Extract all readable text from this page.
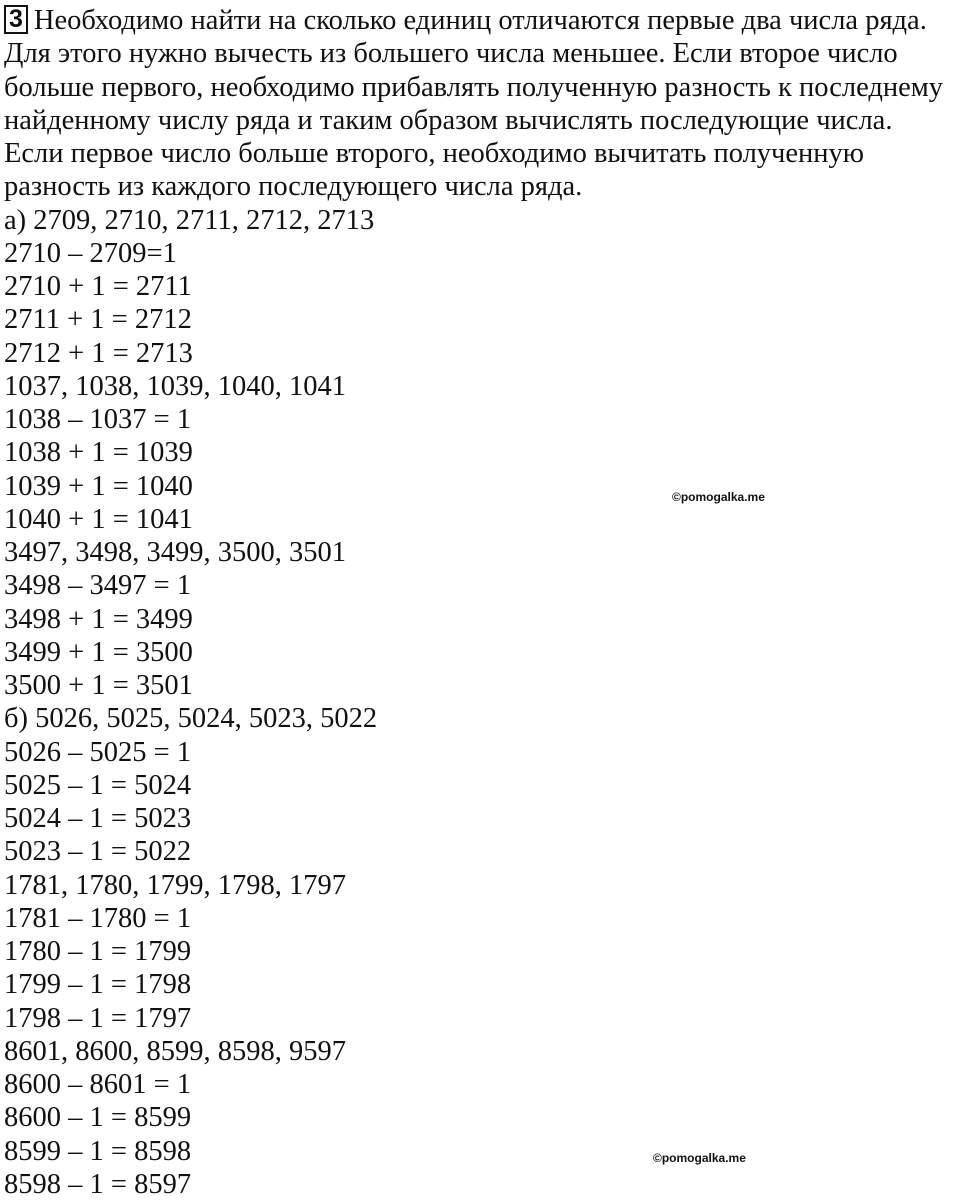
3 Необходимо найти на сколько единиц отличаются первые два числа ряда.
Для этого нужно вычесть из большего числа меньшее. Если второе число
больше первого, необходимо прибавлять полученную разность к последнему
найденному числу ряда и таким образом вычислять последующие числа.
Если первое число больше второго, необходимо вычитать полученную
разность из каждого последующего числа ряда.
а) 2709, 2710, 2711, 2712, 2713
2710 – 2709=1
2710 + 1 = 2711
2711 + 1 = 2712
2712 + 1 = 2713
1037, 1038, 1039, 1040, 1041
1038 – 1037 = 1
1038 + 1 = 1039
1039 + 1 = 1040
1040 + 1 = 1041
3497, 3498, 3499, 3500, 3501
3498 – 3497 = 1
3498 + 1 = 3499
3499 + 1 = 3500
3500 + 1 = 3501
б) 5026, 5025, 5024, 5023, 5022
5026 – 5025 = 1
5025 – 1 = 5024
5024 – 1 = 5023
5023 – 1 = 5022
1781, 1780, 1799, 1798, 1797
1781 – 1780 = 1
1780 – 1 = 1799
1799 – 1 = 1798
1798 – 1 = 1797
8601, 8600, 8599, 8598, 9597
8600 – 8601 = 1
8600 – 1 = 8599
8599 – 1 = 8598
8598 – 1 = 8597
©pomogalka.me
©pomogalka.me
